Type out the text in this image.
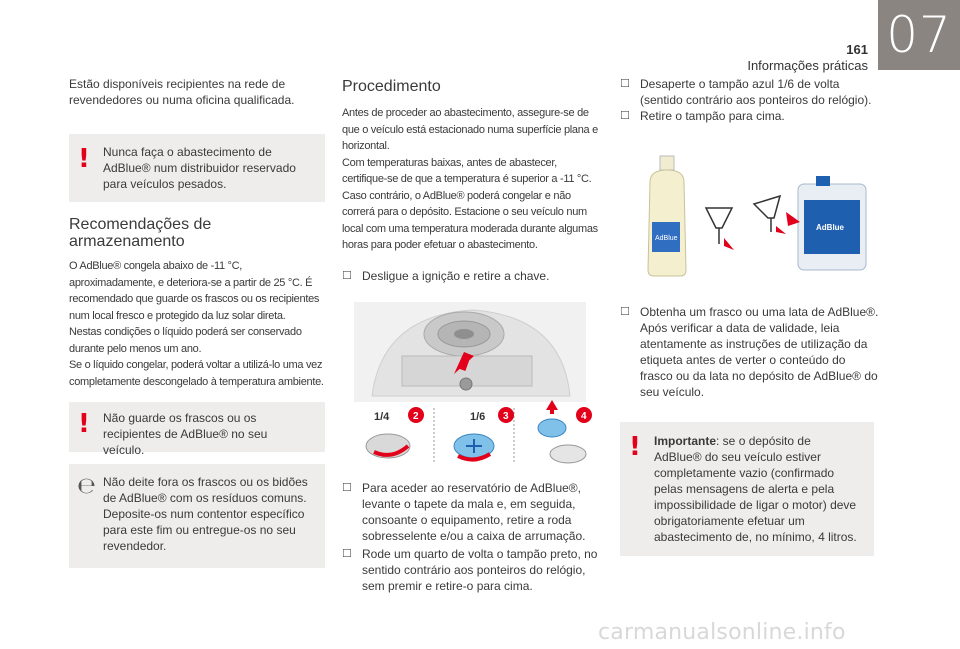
07
161
Informações práticas

Estão disponíveis recipientes na rede de revendedores ou numa oficina qualificada.

! Nunca faça o abastecimento de AdBlue® num distribuidor reservado para veículos pesados.

Recomendações de armazenamento

O AdBlue® congela abaixo de -11 °C, aproximadamente, e deteriora-se a partir de 25 °C. É recomendado que guarde os frascos ou os recipientes num local fresco e protegido da luz solar direta.

Nestas condições o líquido poderá ser conservado durante pelo menos um ano.

Se o líquido congelar, poderá voltar a utilizá-lo uma vez completamente descongelado à temperatura ambiente.

! Não guarde os frascos ou os recipientes de AdBlue® no seu veículo.

℮ Não deite fora os frascos ou os bidões de AdBlue® com os resíduos comuns. Deposite-os num contentor específico para este fim ou entregue-os no seu revendedor.

Procedimento

Antes de proceder ao abastecimento, assegure-se de que o veículo está estacionado numa superfície plana e horizontal.

Com temperaturas baixas, antes de abastecer, certifique-se de que a temperatura é superior a -11 °C. Caso contrário, o AdBlue® poderá congelar e não correrá para o depósito. Estacione o seu veículo num local com uma temperatura moderada durante algumas horas para poder efetuar o abastecimento.

☐ Desligue a ignição e retire a chave.
1/4 2	1/6 3	4
☐ Para aceder ao reservatório de AdBlue®, levante o tapete da mala e, em seguida, consoante o equipamento, retire a roda sobresselente e/ou a caixa de arrumação.
☐ Rode um quarto de volta o tampão preto, no sentido contrário aos ponteiros do relógio, sem premir e retire-o para cima.
☐ Desaperte o tampão azul 1/6 de volta (sentido contrário aos ponteiros do relógio).
☐ Retire o tampão para cima.
AdBlue
AdBlue
☐ Obtenha um frasco ou uma lata de AdBlue®. Após verificar a data de validade, leia atentamente as instruções de utilização da etiqueta antes de verter o conteúdo do frasco ou da lata no depósito de AdBlue® do seu veículo.
! Importante: se o depósito de AdBlue® do seu veículo estiver completamente vazio (confirmado pelas mensagens de alerta e pela impossibilidade de ligar o motor) deve obrigatoriamente efetuar um abastecimento de, no mínimo, 4 litros.

carmanualsonline.info
